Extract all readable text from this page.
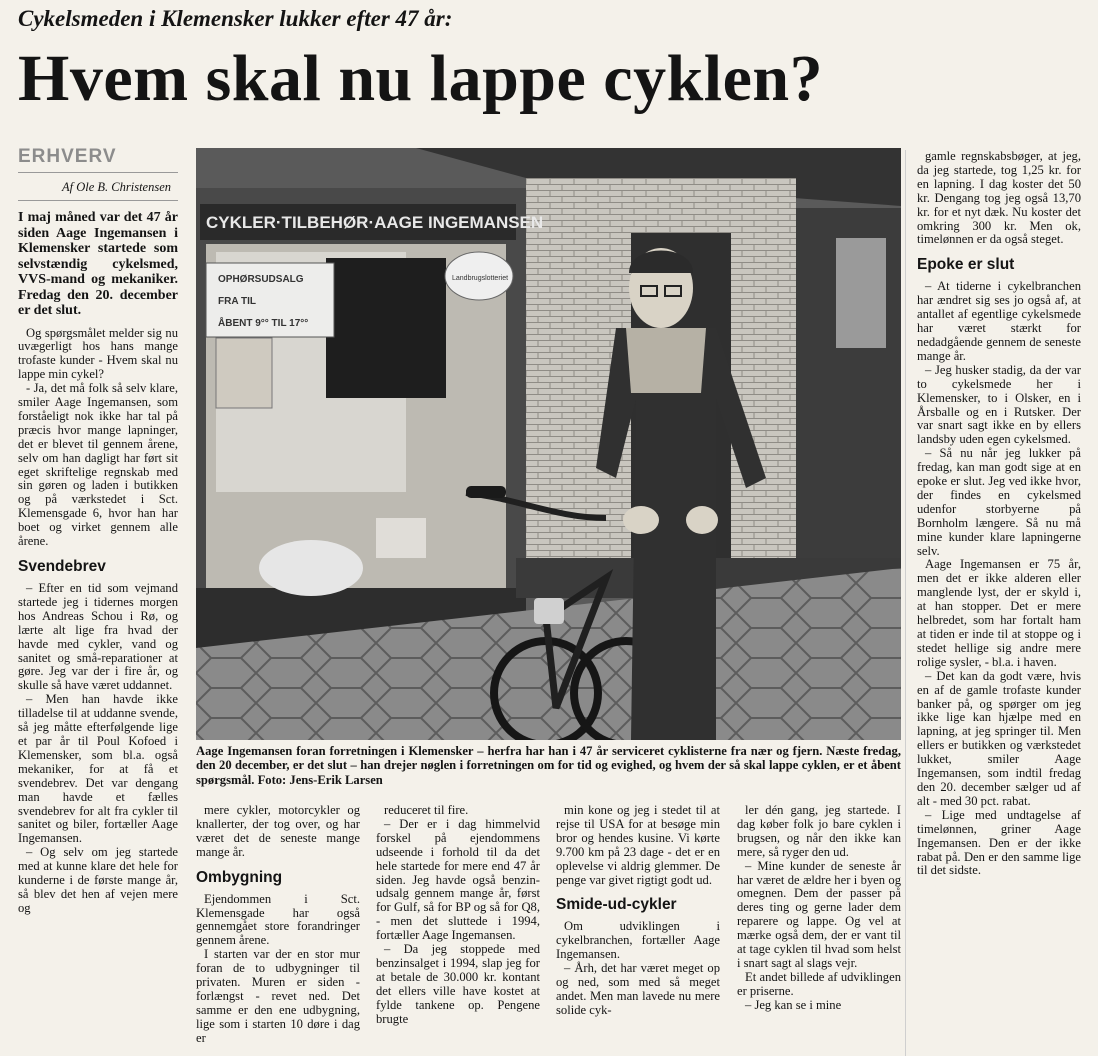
Cykelsmeden i Klemensker lukker efter 47 år:
Hvem skal nu lappe cyklen?
ERHVERV
Af Ole B. Christensen

I maj måned var det 47 år siden Aage Ingemansen i Klemensker startede som selvstændig cykelsmed, VVS-mand og mekaniker. Fredag den 20. december er det slut.

Og spørgsmålet melder sig nu uvægerligt hos hans mange trofaste kunder - Hvem skal nu lappe min cykel?

- Ja, det må folk så selv klare, smiler Aage Ingemansen, som forståeligt nok ikke har tal på præcis hvor mange lapninger, det er blevet til gennem årene, selv om han dagligt har ført sit eget skriftelige regnskab med sin gøren og laden i butikken og på værkstedet i Sct. Klemensgade 6, hvor han har boet og virket gennem alle årene.

Svendebrev

– Efter en tid som vejmand startede jeg i tidernes morgen hos Andreas Schou i Rø, og lærte alt lige fra hvad der havde med cykler, vand og sanitet og små-reparationer at gøre. Jeg var der i fire år, og skulle så have været uddannet.

– Men han havde ikke tilladelse til at uddanne svende, så jeg måtte efterfølgende lige et par år til Poul Kofoed i Klemensker, som bl.a. også mekaniker, for at få et svendebrev. Det var dengang man havde et fælles svendebrev for alt fra cykler til sanitet og biler, fortæller Aage Ingemansen.

– Og selv om jeg startede med at kunne klare det hele for kunderne i de første mange år, så blev det hen af vejen mere og

CYKLER·TILBEHØR·AAGE INGEMANSEN
OPHØRSUDSALG
FRA TIL
ÅBENT 9°° TIL 17°°
Landbrugslotteriet

Aage Ingemansen foran forretningen i Klemensker – herfra har han i 47 år serviceret cyklisterne fra nær og fjern. Næste fredag, den 20 december, er det slut – han drejer nøglen i forretningen om for tid og evighed, og hvem der så skal lappe cyklen, er et åbent spørgsmål. Foto: Jens-Erik Larsen

mere cykler, motorcykler og knallerter, der tog over, og har været det de seneste mange mange år.

Ombygning

Ejendommen i Sct. Klemensgade har også gennemgået store forandringer gennem årene.

I starten var der en stor mur foran de to udbygninger til privaten. Muren er siden - forlængst - revet ned. Det samme er den ene udbygning, lige som i starten 10 døre i dag er

reduceret til fire.

– Der er i dag himmelvid forskel på ejendommens udseende i forhold til da det hele startede for mere end 47 år siden. Jeg havde også benzin-udsalg gennem mange år, først for Gulf, så for BP og så for Q8, - men det sluttede i 1994, fortæller Aage Ingemansen.

– Da jeg stoppede med benzinsalget i 1994, slap jeg for at betale de 30.000 kr. kontant det ellers ville have kostet at fylde tankene op. Pengene brugte

min kone og jeg i stedet til at rejse til USA for at besøge min bror og hendes kusine. Vi kørte 9.700 km på 23 dage - det er en oplevelse vi aldrig glemmer. De penge var givet rigtigt godt ud.

Smide-ud-cykler

Om udviklingen i cykelbranchen, fortæller Aage Ingemansen.

– Årh, det har været meget op og ned, som med så meget andet. Men man lavede nu mere solide cyk-

ler dén gang, jeg startede. I dag køber folk jo bare cyklen i brugsen, og når den ikke kan mere, så ryger den ud.

– Mine kunder de seneste år har været de ældre her i byen og omegnen. Dem der passer på deres ting og gerne lader dem reparere og lappe. Og vel at mærke også dem, der er vant til at tage cyklen til hvad som helst i snart sagt al slags vejr.

Et andet billede af udviklingen er priserne.

– Jeg kan se i mine

gamle regnskabsbøger, at jeg, da jeg startede, tog 1,25 kr. for en lapning. I dag koster det 50 kr. Dengang tog jeg også 13,70 kr. for et nyt dæk. Nu koster det omkring 300 kr. Men ok, timelønnen er da også steget.

Epoke er slut

– At tiderne i cykelbranchen har ændret sig ses jo også af, at antallet af egentlige cykelsmede har været stærkt for nedadgående gennem de seneste mange år.

– Jeg husker stadig, da der var to cykelsmede her i Klemensker, to i Olsker, en i Årsballe og en i Rutsker. Der var snart sagt ikke en by ellers landsby uden egen cykelsmed.

– Så nu når jeg lukker på fredag, kan man godt sige at en epoke er slut. Jeg ved ikke hvor, der findes en cykelsmed udenfor storbyerne på Bornholm længere. Så nu må mine kunder klare lapningerne selv.

Aage Ingemansen er 75 år, men det er ikke alderen eller manglende lyst, der er skyld i, at han stopper. Det er mere helbredet, som har fortalt ham at tiden er inde til at stoppe og i stedet hellige sig andre mere rolige sysler, - bl.a. i haven.

– Det kan da godt være, hvis en af de gamle trofaste kunder banker på, og spørger om jeg ikke lige kan hjælpe med en lapning, at jeg springer til. Men ellers er butikken og værkstedet lukket, smiler Aage Ingemansen, som indtil fredag den 20. december sælger ud af alt - med 30 pct. rabat.

– Lige med undtagelse af timelønnen, griner Aage Ingemansen. Den er der ikke rabat på. Den er den samme lige til det sidste.
